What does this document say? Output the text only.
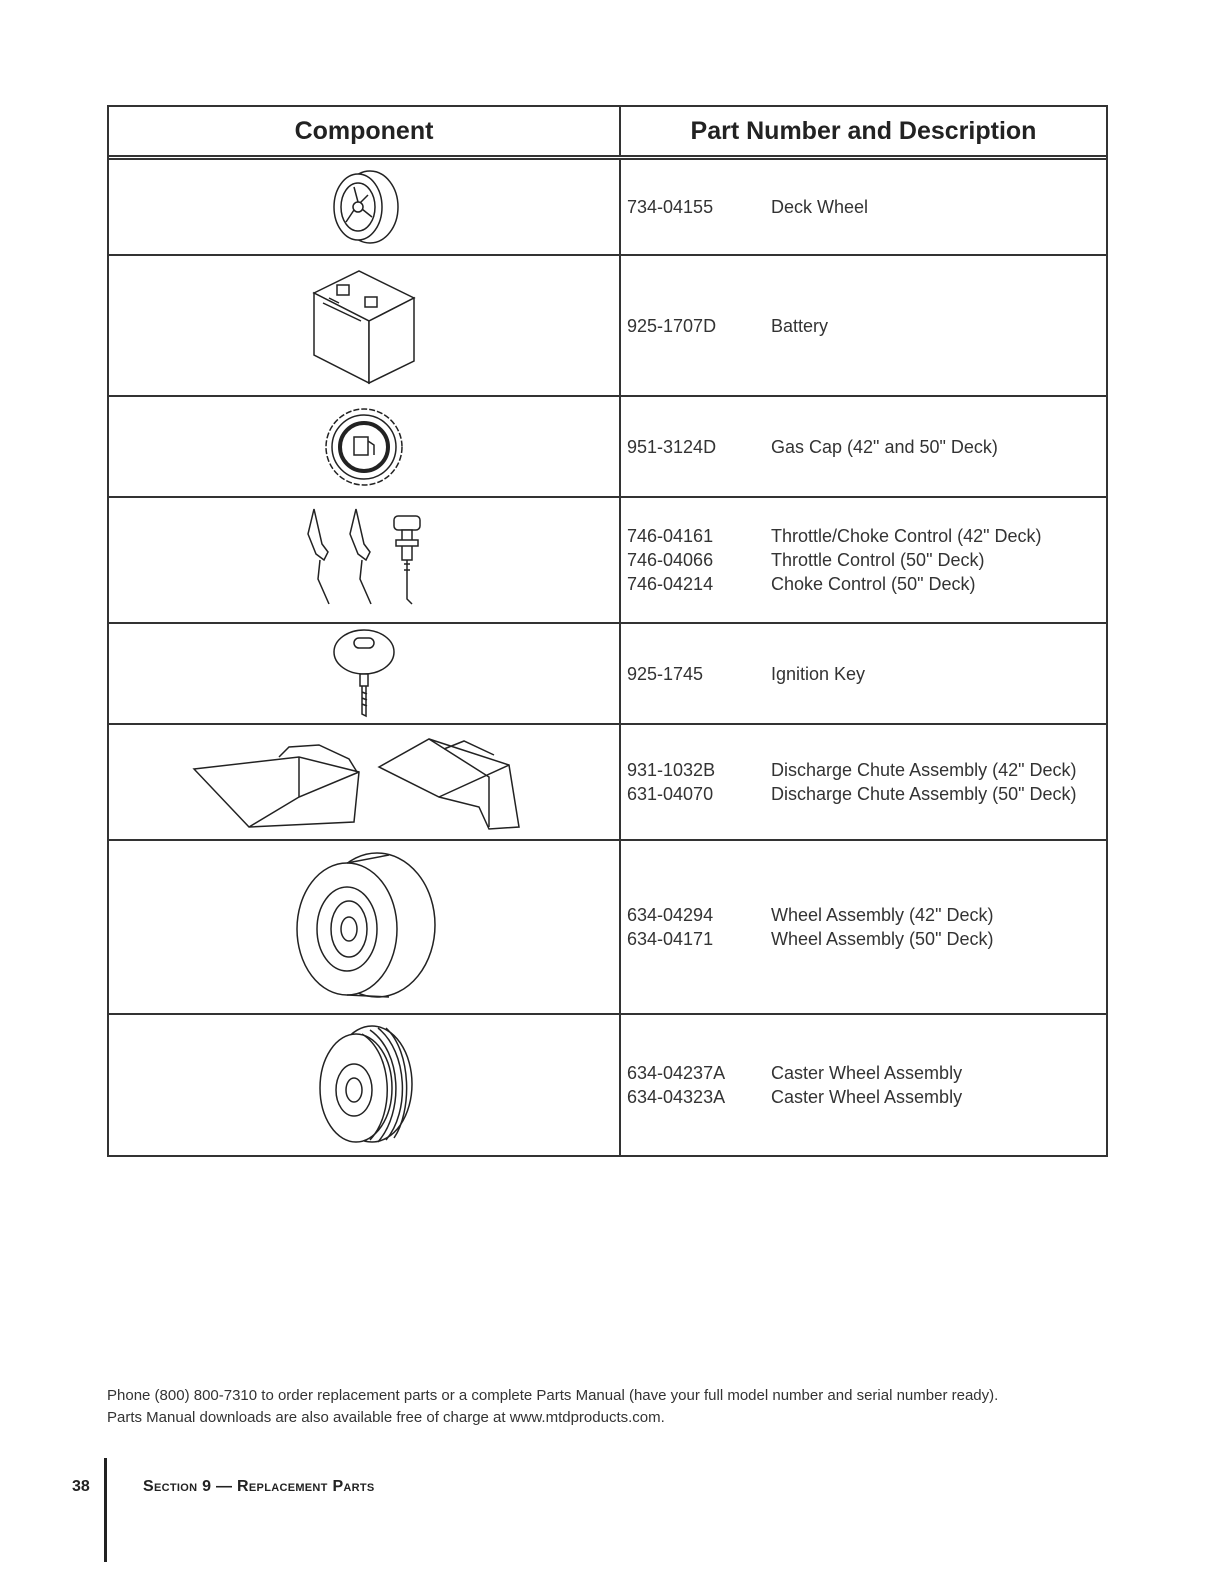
Component	Part Number and Description
734-04155	Deck Wheel
925-1707D	Battery
951-3124D	Gas Cap (42" and 50" Deck)
746-04161	Throttle/Choke Control (42" Deck)
746-04066	Throttle Control (50" Deck)
746-04214	Choke Control (50" Deck)
925-1745	Ignition Key
931-1032B	Discharge Chute Assembly (42" Deck)
631-04070	Discharge Chute Assembly (50" Deck)
634-04294	Wheel Assembly (42" Deck)
634-04171	Wheel Assembly (50" Deck)
634-04237A	Caster Wheel Assembly
634-04323A	Caster Wheel Assembly
Phone (800) 800-7310 to order replacement parts or a complete Parts Manual (have your full model number and serial number ready).
Parts Manual downloads are also available free of charge at www.mtdproducts.com.
38	Section 9 — Replacement Parts
